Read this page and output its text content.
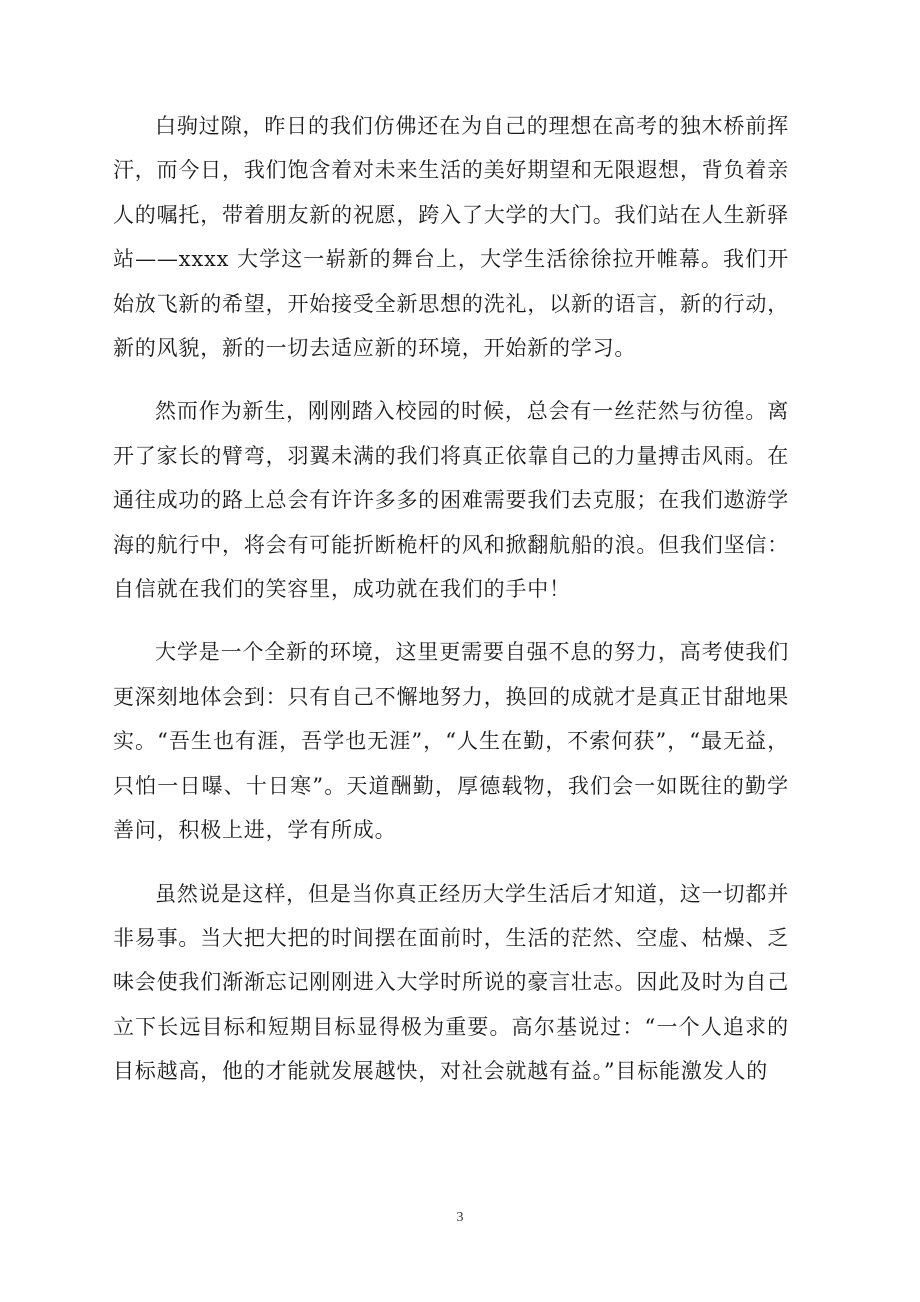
白驹过隙，昨日的我们仿佛还在为自己的理想在高考的独木桥前挥汗，而今日，我们饱含着对未来生活的美好期望和无限遐想，背负着亲人的嘱托，带着朋友新的祝愿，跨入了大学的大门。我们站在人生新驿站——xxxx 大学这一崭新的舞台上，大学生活徐徐拉开帷幕。我们开始放飞新的希望，开始接受全新思想的洗礼，以新的语言，新的行动，新的风貌，新的一切去适应新的环境，开始新的学习。

然而作为新生，刚刚踏入校园的时候，总会有一丝茫然与彷徨。离开了家长的臂弯，羽翼未满的我们将真正依靠自己的力量搏击风雨。在通往成功的路上总会有许许多多的困难需要我们去克服；在我们遨游学海的航行中，将会有可能折断桅杆的风和掀翻航船的浪。但我们坚信：自信就在我们的笑容里，成功就在我们的手中！

大学是一个全新的环境，这里更需要自强不息的努力，高考使我们更深刻地体会到：只有自己不懈地努力，换回的成就才是真正甘甜地果实。“吾生也有涯，吾学也无涯”，“人生在勤，不索何获”，“最无益，只怕一日曝、十日寒”。天道酬勤，厚德载物，我们会一如既往的勤学善问，积极上进，学有所成。

虽然说是这样，但是当你真正经历大学生活后才知道，这一切都并非易事。当大把大把的时间摆在面前时，生活的茫然、空虚、枯燥、乏味会使我们渐渐忘记刚刚进入大学时所说的豪言壮志。因此及时为自己立下长远目标和短期目标显得极为重要。高尔基说过：“一个人追求的目标越高，他的才能就发展越快，对社会就越有益。”目标能激发人的

3
